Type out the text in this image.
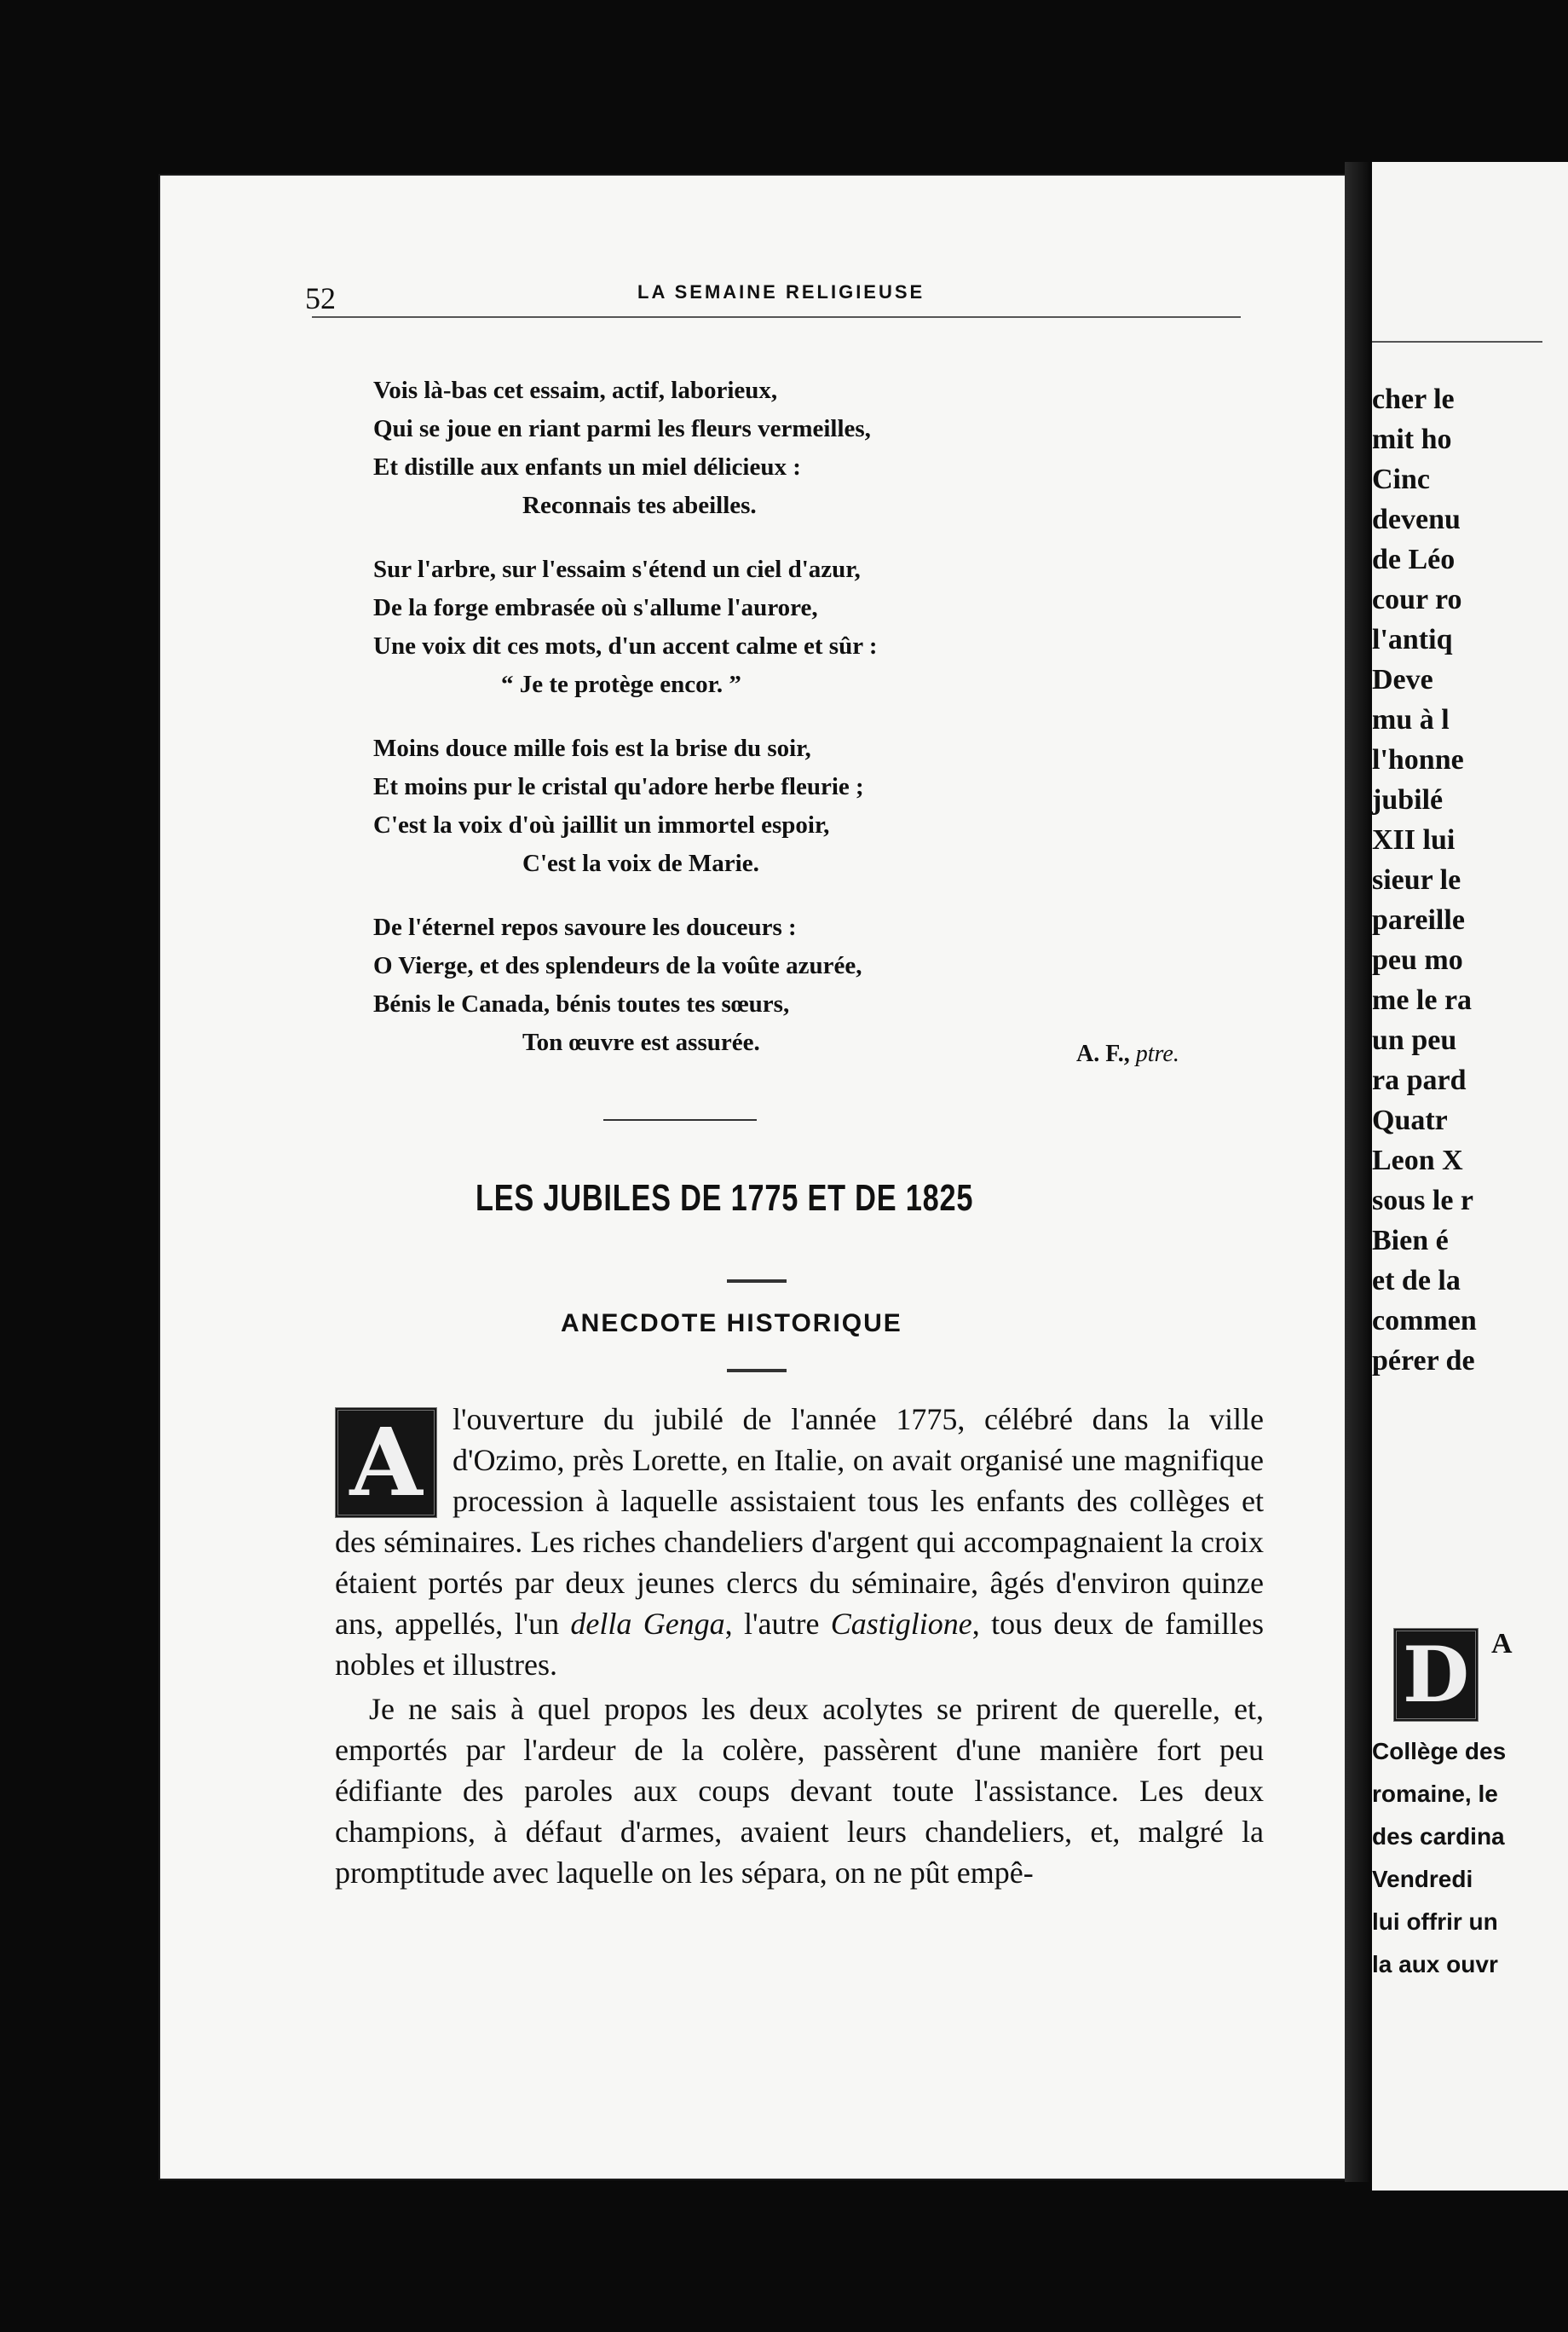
52	LA SEMAINE RELIGIEUSE
Vois là-bas cet essaim, actif, laborieux,
Qui se joue en riant parmi les fleurs vermeilles,
Et distille aux enfants un miel délicieux :
Reconnais tes abeilles.
Sur l'arbre, sur l'essaim s'étend un ciel d'azur,
De la forge embrasée où s'allume l'aurore,
Une voix dit ces mots, d'un accent calme et sûr :
“ Je te protège encor. ”
Moins douce mille fois est la brise du soir,
Et moins pur le cristal qu'adore herbe fleurie ;
C'est la voix d'où jaillit un immortel espoir,
C'est la voix de Marie.
De l'éternel repos savoure les douceurs :
O Vierge, et des splendeurs de la voûte azurée,
Bénis le Canada, bénis toutes tes sœurs,
Ton œuvre est assurée.	A. F., ptre.
LES JUBILES DE 1775 ET DE 1825
ANECDOTE HISTORIQUE

A l'ouverture du jubilé de l'année 1775, célébré dans la ville d'Ozimo, près Lorette, en Italie, on avait organisé une magnifique procession à laquelle assistaient tous les enfants des collèges et des séminaires. Les riches chandeliers d'argent qui accompagnaient la croix étaient portés par deux jeunes clercs du séminaire, âgés d'environ quinze ans, appellés, l'un della Genga, l'autre Castiglione, tous deux de familles nobles et illustres.

Je ne sais à quel propos les deux acolytes se prirent de querelle, et, emportés par l'ardeur de la colère, passèrent d'une manière fort peu édifiante des paroles aux coups devant toute l'assistance. Les deux champions, à défaut d'armes, avaient leurs chandeliers, et, malgré la promptitude avec laquelle on les sépara, on ne pût empê-

cher le
mit ho
Cinc
devenu
de Léo
cour ro
l'antiq
Deve
mu à l
l'honne
jubilé
XII lui
sieur le
pareille
peu mo
me le ra
un peu
ra pard
Quatr
Leon X
sous le r
Bien é
et de la
commen
pérer de
D A
Collège des
romaine, le
des cardina
Vendredi
lui offrir un
la aux ouvr
